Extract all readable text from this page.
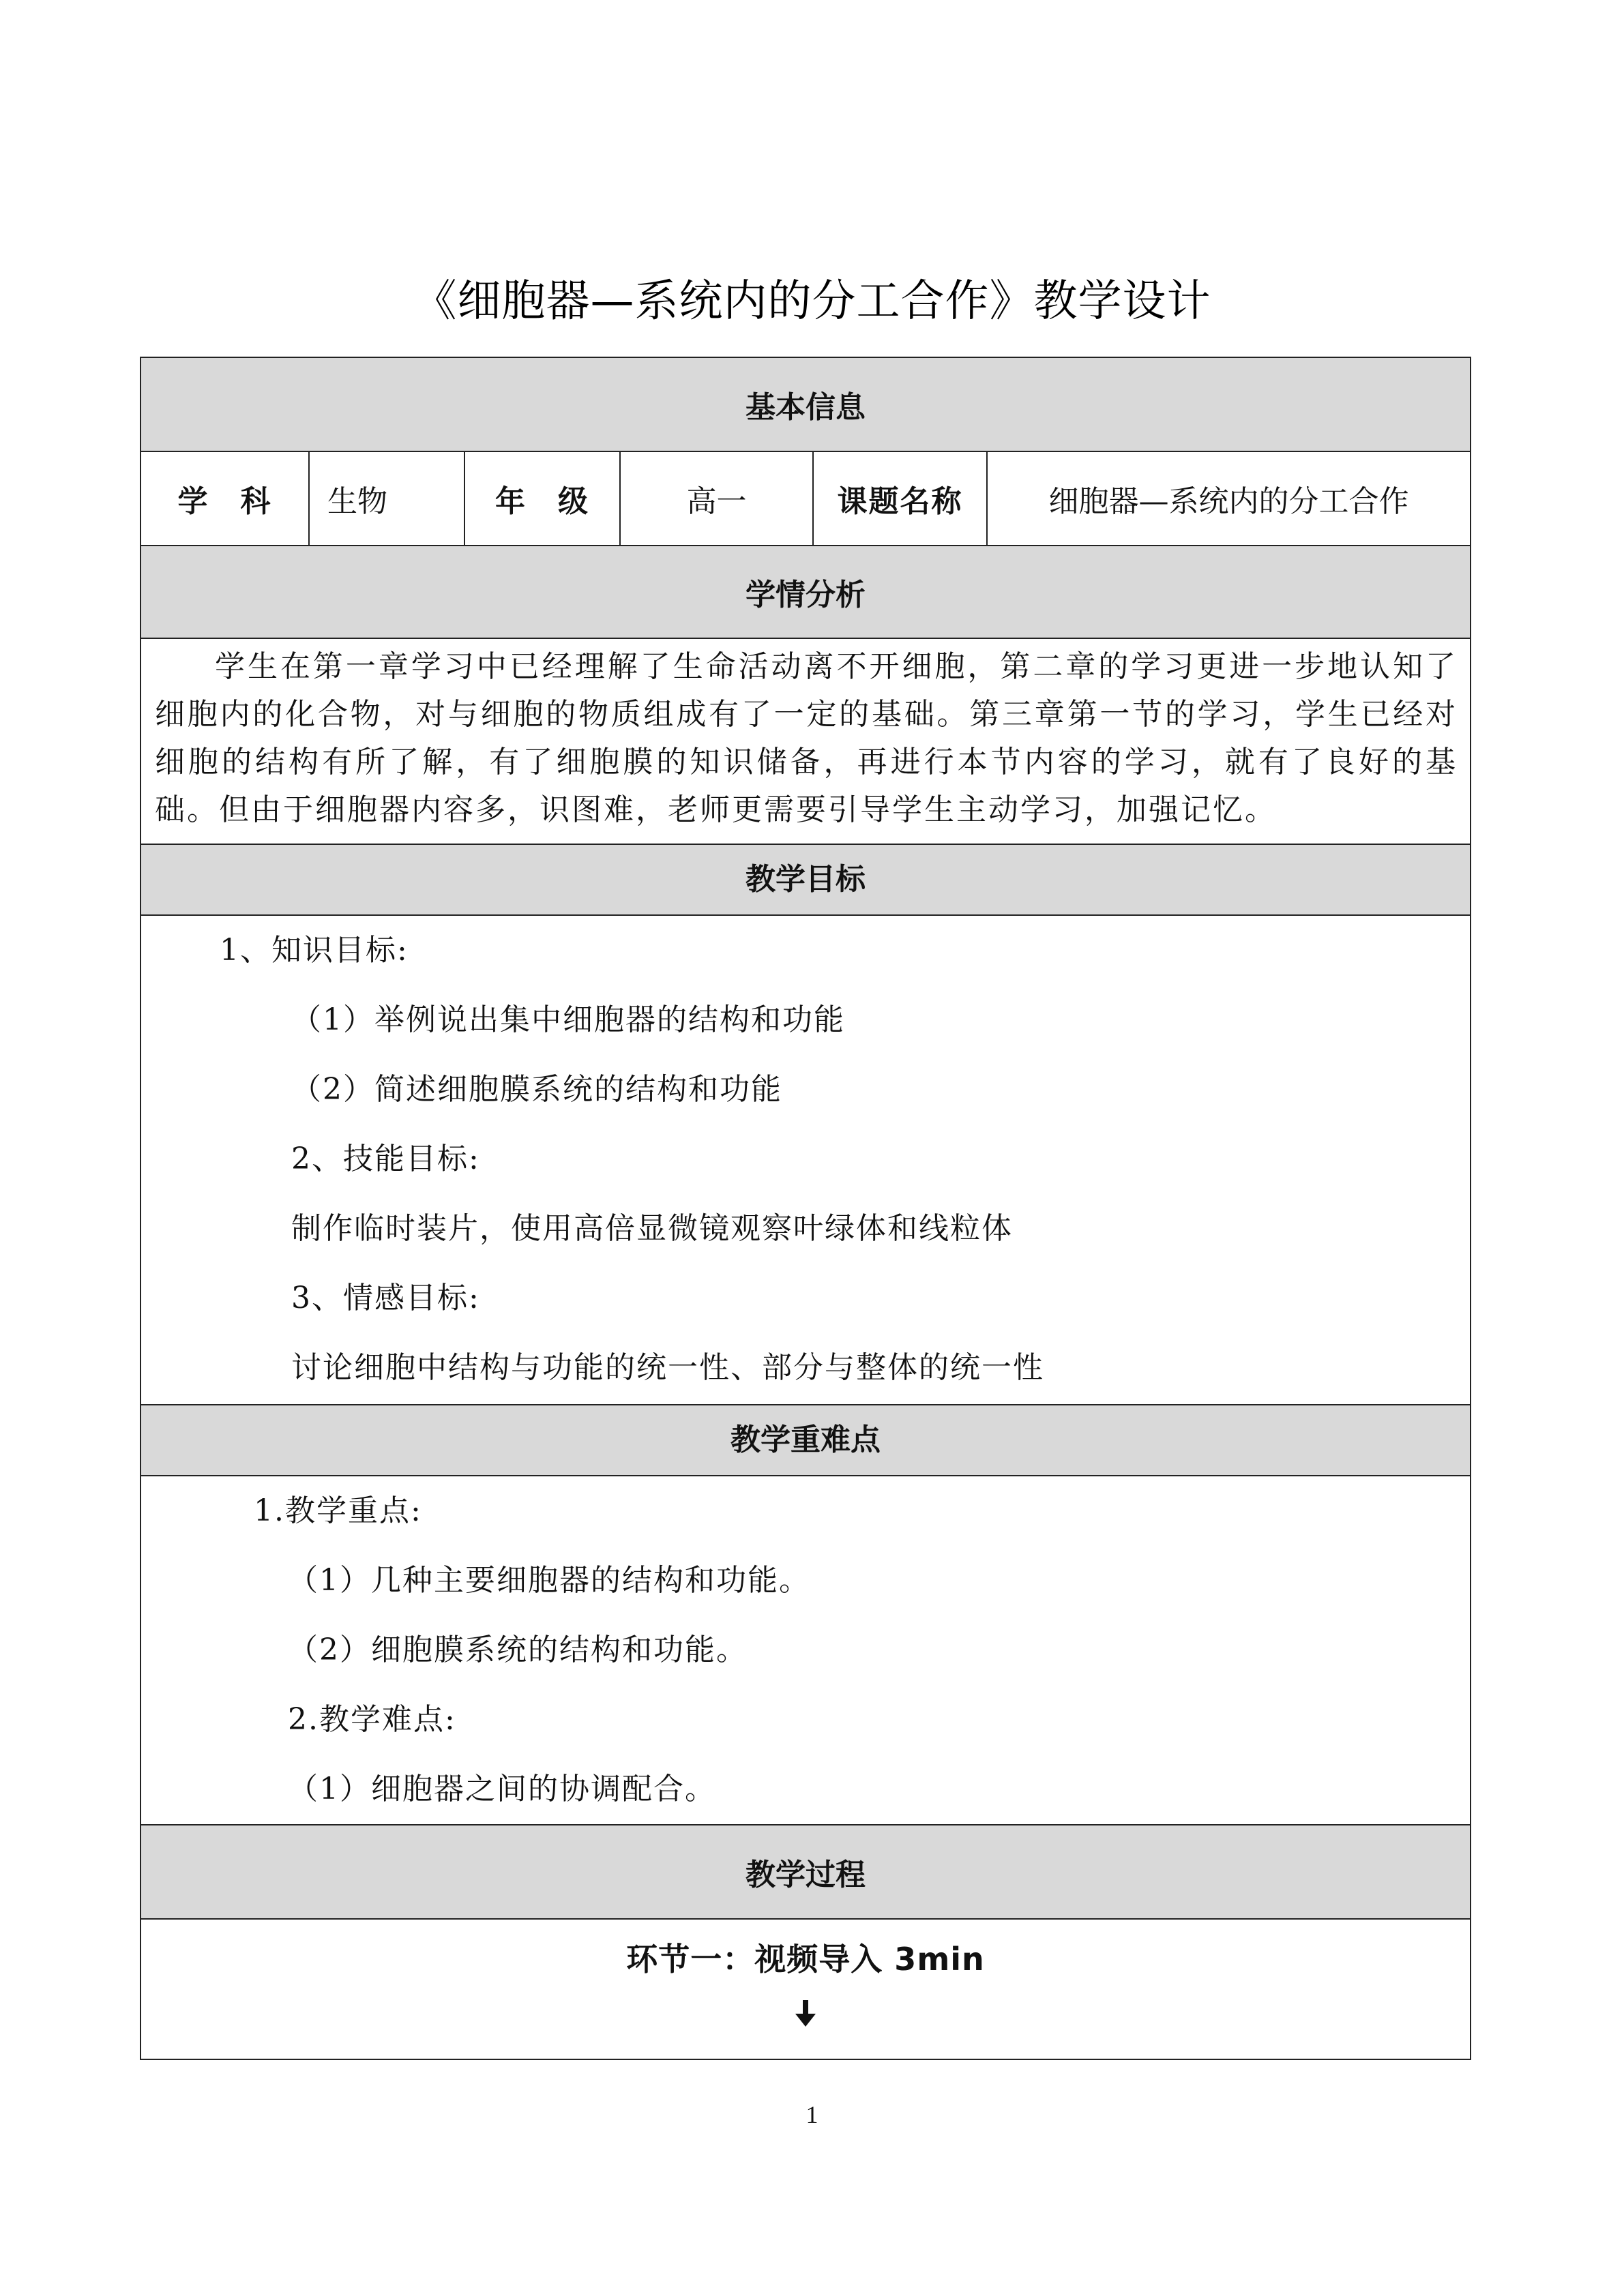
《细胞器—系统内的分工合作》教学设计
基本信息
学　科	生物	年　级	高一	课题名称	细胞器—系统内的分工合作
学情分析

学生在第一章学习中已经理解了生命活动离不开细胞，第二章的学习更进一步地认知了细胞内的化合物，对与细胞的物质组成有了一定的基础。第三章第一节的学习，学生已经对细胞的结构有所了解，有了细胞膜的知识储备，再进行本节内容的学习，就有了良好的基础。但由于细胞器内容多，识图难，老师更需要引导学生主动学习，加强记忆。

教学目标

1、知识目标:
（1）举例说出集中细胞器的结构和功能
（2）简述细胞膜系统的结构和功能
2、技能目标:
制作临时装片，使用高倍显微镜观察叶绿体和线粒体
3、情感目标:
讨论细胞中结构与功能的统一性、部分与整体的统一性

教学重难点

1.教学重点:
（1）几种主要细胞器的结构和功能。
（2）细胞膜系统的结构和功能。
2.教学难点:
（1）细胞器之间的协调配合。

教学过程

环节一：视频导入 3min
1
